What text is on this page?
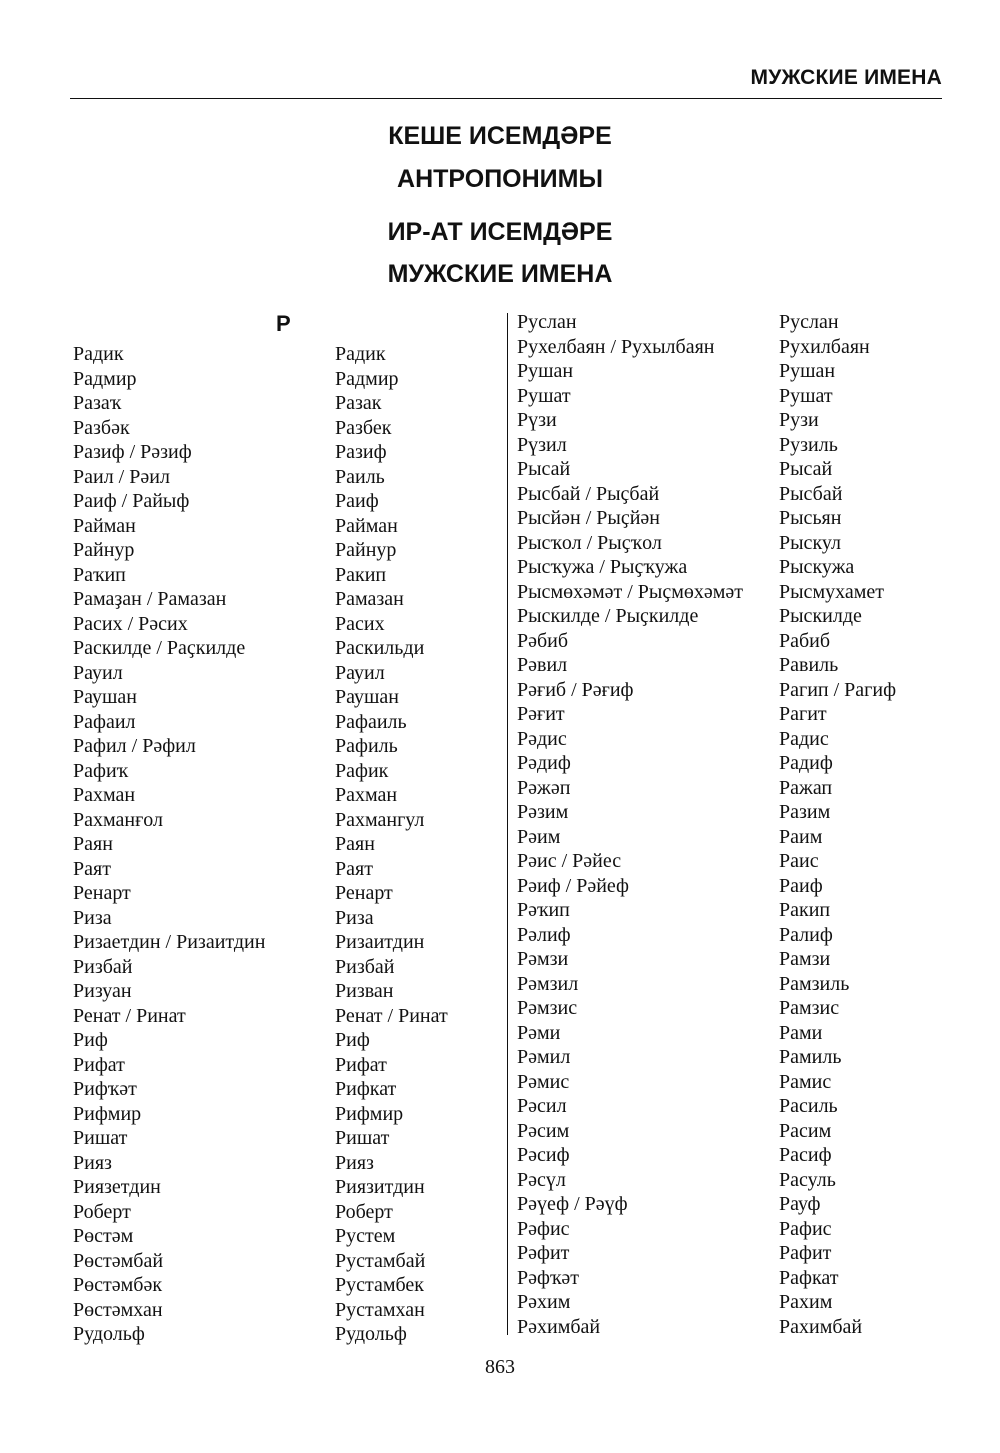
МУЖСКИЕ ИМЕНА
КЕШЕ ИСЕМДӘРЕ
АНТРОПОНИМЫ
ИР-АТ ИСЕМДӘРЕ
МУЖСКИЕ ИМЕНА
Р
Радик
Радмир
Разаҡ
Разбәк
Разиф / Рәзиф
Раил / Рәил
Раиф / Райыф
Райман
Райнур
Раҡип
Рамаҙан / Рамазан
Расих / Рәсих
Раскилде / Раҫкилде
Рауил
Раушан
Рафаил
Рафил / Рәфил
Рафиҡ
Рахман
Рахманғол
Раян
Раят
Ренарт
Риза
Ризаетдин / Ризаитдин
Ризбай
Ризуан
Ренат / Ринат
Риф
Рифат
Рифҡәт
Рифмир
Ришат
Рияз
Риязетдин
Роберт
Рөстәм
Рөстәмбай
Рөстәмбәк
Рөстәмхан
Рудольф
Радик
Радмир
Разак
Разбек
Разиф
Раиль
Раиф
Райман
Райнур
Ракип
Рамазан
Расих
Раскильди
Рауил
Раушан
Рафаиль
Рафиль
Рафик
Рахман
Рахмангул
Раян
Раят
Ренарт
Риза
Ризаитдин
Ризбай
Ризван
Ренат / Ринат
Риф
Рифат
Рифкат
Рифмир
Ришат
Рияз
Риязитдин
Роберт
Рустем
Рустамбай
Рустамбек
Рустамхан
Рудольф
Руслан
Рухелбаян / Рухылбаян
Рушан
Рушат
Рүзи
Рүзил
Рысай
Рысбай / Рыҫбай
Рысйән / Рыҫйән
Рысҡол / Рыҫҡол
Рысҡужа / Рыҫҡужа
Рысмөхәмәт / Рыҫмөхәмәт
Рыскилде / Рыҫкилде
Рәбиб
Рәвил
Рәғиб / Рәғиф
Рәғит
Рәдис
Рәдиф
Рәжәп
Рәзим
Рәим
Рәис / Рәйес
Рәиф / Рәйеф
Рәҡип
Рәлиф
Рәмзи
Рәмзил
Рәмзис
Рәми
Рәмил
Рәмис
Рәсил
Рәсим
Рәсиф
Рәсүл
Рәүеф / Рәүф
Рәфис
Рәфит
Рәфҡәт
Рәхим
Рәхимбай
Руслан
Рухилбаян
Рушан
Рушат
Рузи
Рузиль
Рысай
Рысбай
Рысьян
Рыскул
Рыскужа
Рысмухамет
Рыскилде
Рабиб
Равиль
Рагип / Рагиф
Рагит
Радис
Радиф
Ражап
Разим
Раим
Раис
Раиф
Ракип
Ралиф
Рамзи
Рамзиль
Рамзис
Рами
Рамиль
Рамис
Расиль
Расим
Расиф
Расуль
Рауф
Рафис
Рафит
Рафкат
Рахим
Рахимбай
863
